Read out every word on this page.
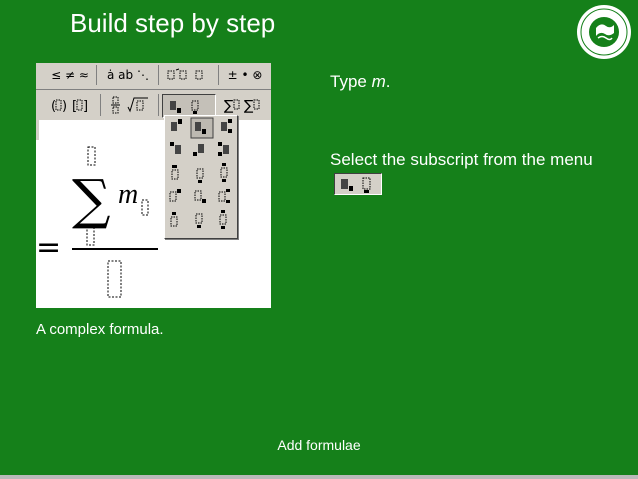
Build step by step
≤ ≠ ≈	ȧ ab ⋱	± • ⊗
( ) [ ]	∑ ∑
∑ m
=
Type m.
Select the subscript from the menu
A complex formula.
Add formulae
